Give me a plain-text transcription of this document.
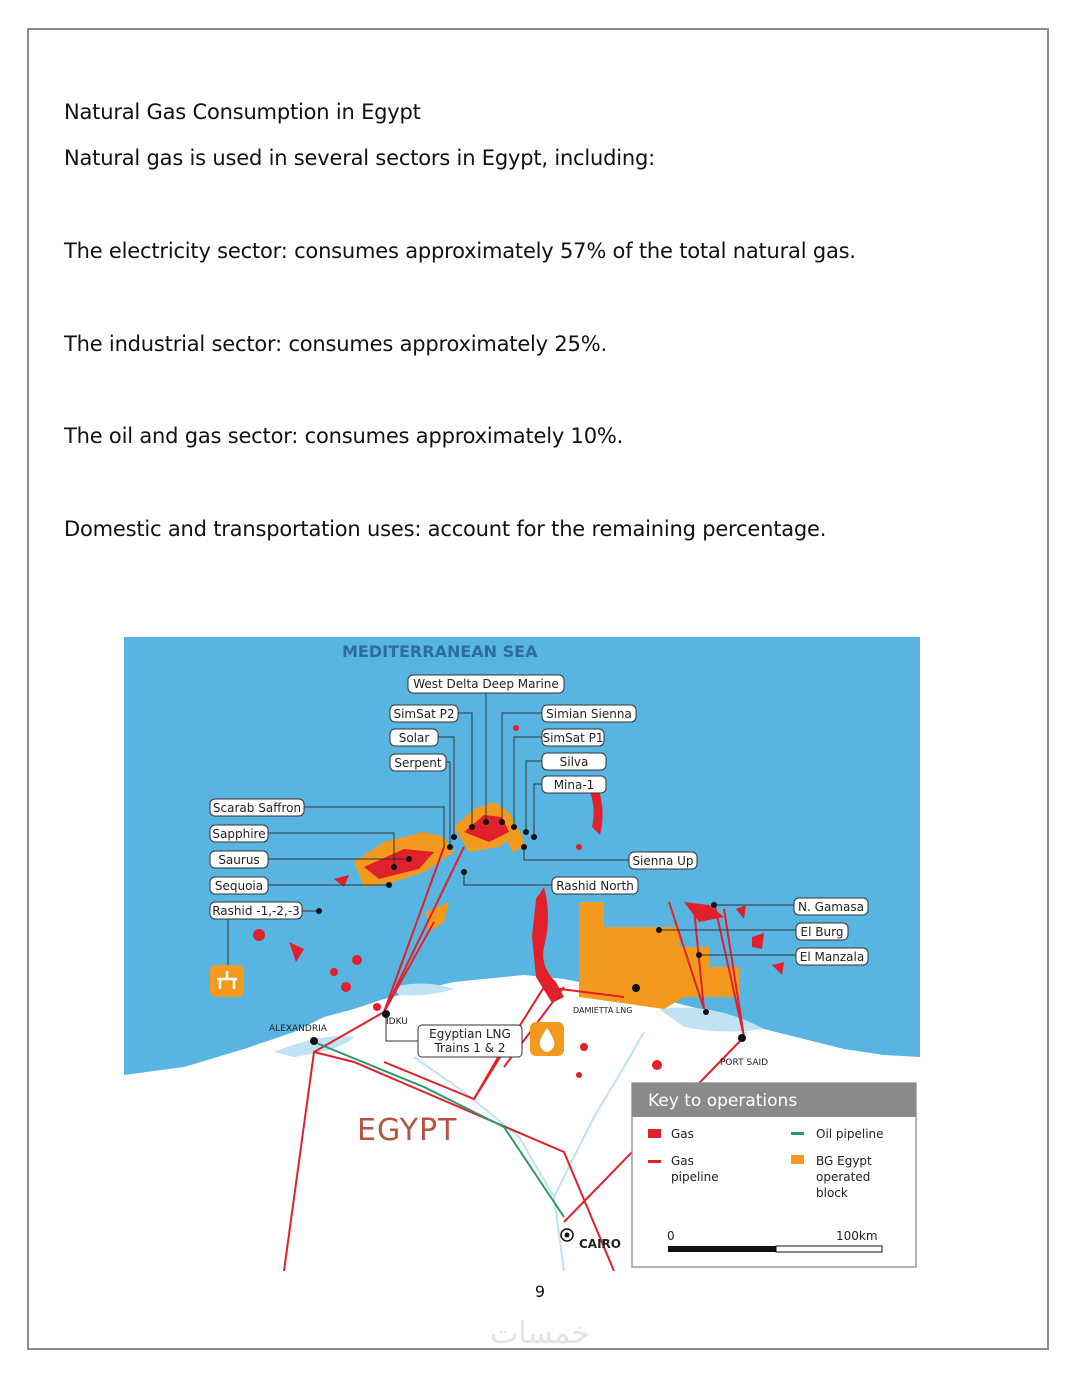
Natural Gas Consumption in Egypt

Natural gas is used in several sectors in Egypt, including:

The electricity sector: consumes approximately 57% of the total natural gas.

The industrial sector: consumes approximately 25%.

The oil and gas sector: consumes approximately 10%.

Domestic and transportation uses: account for the remaining percentage.

MEDITERRANEAN SEA
West Delta Deep Marine
SimSat P2
Solar
Serpent
Simian Sienna
SimSat P1
Silva
Mina-1
Scarab Saffron
Sapphire
Saurus
Sequoia
Rashid -1,-2,-3
Sienna Up
Rashid North
N. Gamasa
El Burg
El Manzala
Egyptian LNG
Trains 1 & 2
ALEXANDRIA
IDKU
DAMIETTA LNG
PORT SAID
CAIRO
EGYPT
Key to operations
Gas
Gas
pipeline
Oil pipeline
BG Egypt
operated
block
0	100km
9
خمسات
